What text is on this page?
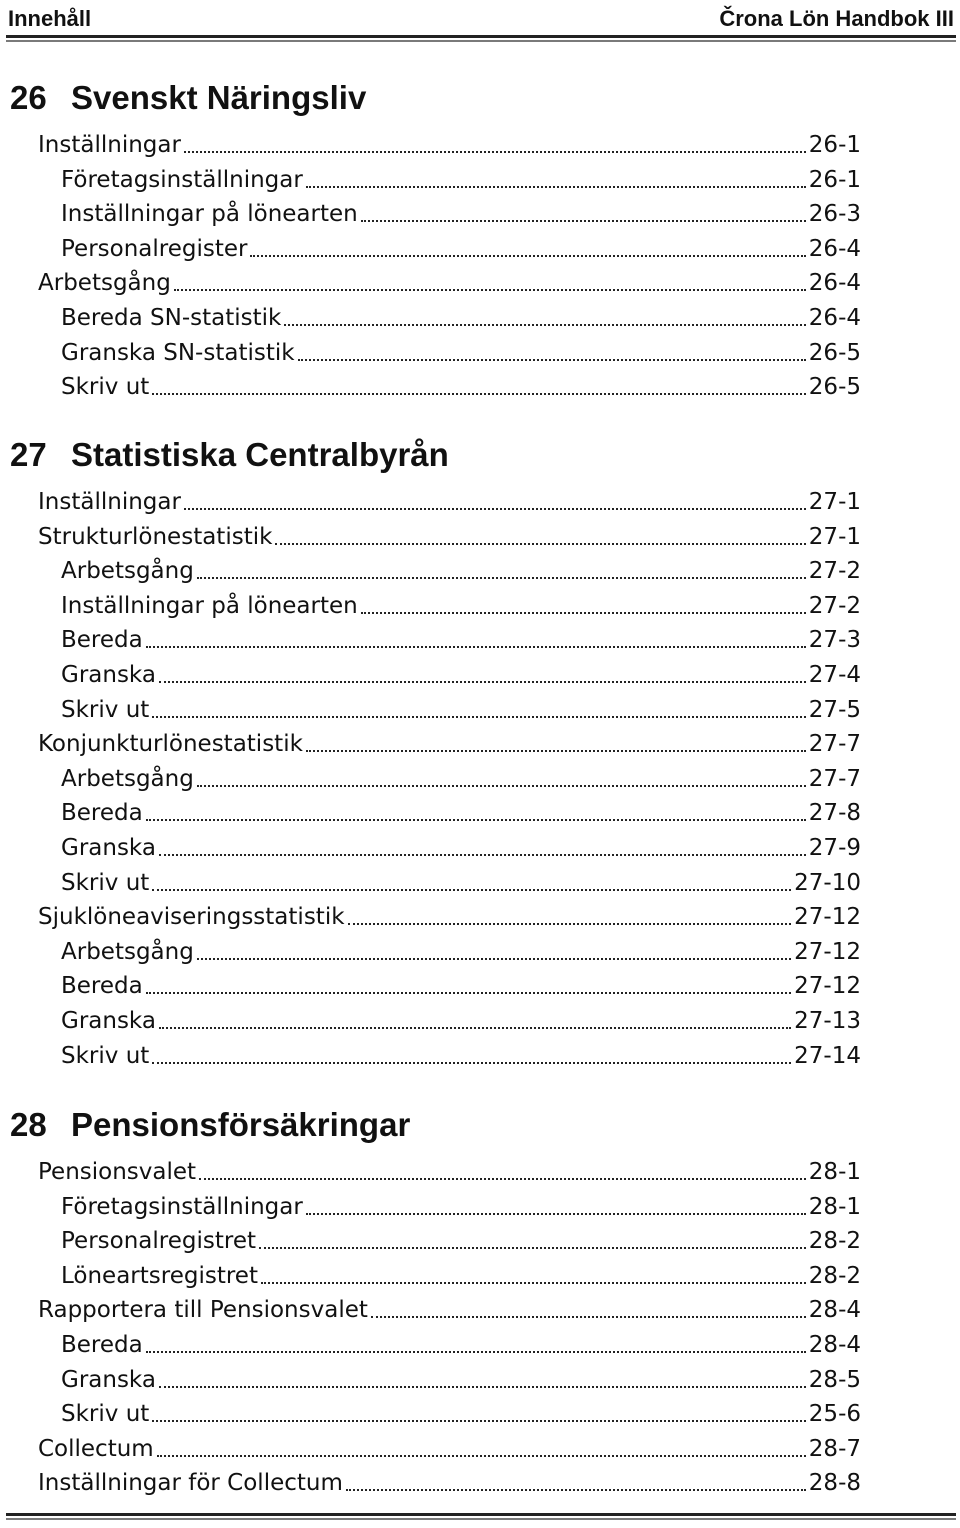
Innehåll	Črona Lön Handbok III
26 Svenskt Näringsliv
Inställningar	26-1
Företagsinställningar	26-1
Inställningar på lönearten	26-3
Personalregister	26-4
Arbetsgång	26-4
Bereda SN-statistik	26-4
Granska SN-statistik	26-5
Skriv ut	26-5
27 Statistiska Centralbyrån
Inställningar	27-1
Strukturlönestatistik	27-1
Arbetsgång	27-2
Inställningar på lönearten	27-2
Bereda	27-3
Granska	27-4
Skriv ut	27-5
Konjunkturlönestatistik	27-7
Arbetsgång	27-7
Bereda	27-8
Granska	27-9
Skriv ut	27-10
Sjuklöneaviseringsstatistik	27-12
Arbetsgång	27-12
Bereda	27-12
Granska	27-13
Skriv ut	27-14
28 Pensionsförsäkringar
Pensionsvalet	28-1
Företagsinställningar	28-1
Personalregistret	28-2
Löneartsregistret	28-2
Rapportera till Pensionsvalet	28-4
Bereda	28-4
Granska	28-5
Skriv ut	25-6
Collectum	28-7
Inställningar för Collectum	28-8
